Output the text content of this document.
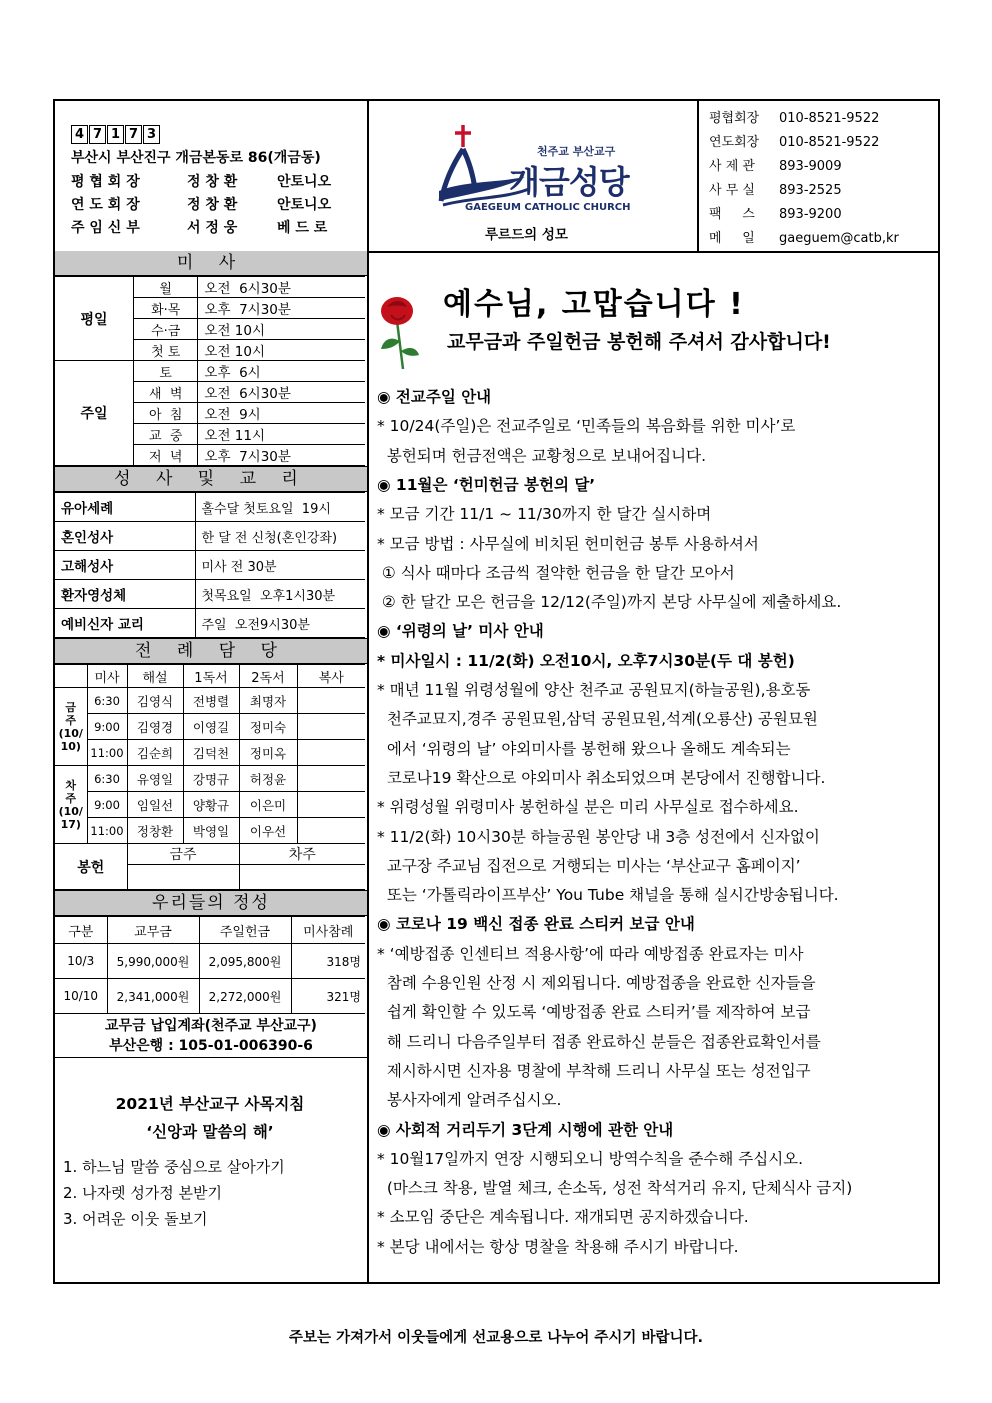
4 7 1 7 3
부산시 부산진구 개금본동로 86(개금동)
평 협 회 장	정 창 환	안토니오
연 도 회 장	정 창 환	안토니오
주 임 신 부	서 정 웅	베 드 로
천주교 부산교구
개금성당
GAEGEUM CATHOLIC CHURCH
루르드의 성모
평협회장 010-8521-9522
연도회장 010-8521-9522
사 제 관 893-9009
사 무 실 893-2525
팩     스 893-9200
메     일 gaeguem@catb,kr
미 사
평일	월	오전  6시30분
	화·목	오후  7시30분
	수·금	오전 10시
	첫 토	오전 10시
주일	토	오후  6시
	새  벽	오전  6시30분
	아  침	오전  9시
	교  중	오전 11시
	저  녁	오후  7시30분
성 사 및 교 리
유아세례	홀수달 첫토요일  19시
혼인성사	한 달 전 신청(혼인강좌)
고해성사	미사 전 30분
환자영성체	첫목요일  오후1시30분
예비신자 교리	주일  오전9시30분
전 례 담 당
	미사	해설	1독서	2독서	복사
금
주
(10/
10)	6:30	김영식	전병렬	최명자	
	9:00	김영경	이영길	정미숙	
	11:00	김순희	김덕천	정미옥	
차
주
(10/
17)	6:30	유영일	강명규	허정윤	
	9:00	임일선	양황규	이은미	
	11:00	정창환	박영일	이우선	
봉헌		금주		차주	

우리들의 정성
구분	교무금	주일헌금	미사참례
10/3	5,990,000원	2,095,800원	318명
10/10	2,341,000원	2,272,000원	321명
교무금 납입계좌(천주교 부산교구)
부산은행 : 105-01-006390-6
2021년 부산교구 사목지침
‘신앙과 말씀의 해’
1. 하느님 말씀 중심으로 살아가기
2. 나자렛 성가정 본받기
3. 어려운 이웃 돌보기
예수님, 고맙습니다 !
교무금과 주일헌금 봉헌해 주셔서 감사합니다!
◉ 전교주일 안내
* 10/24(주일)은 전교주일로 ‘민족들의 복음화를 위한 미사’로
봉헌되며 헌금전액은 교황청으로 보내어집니다.
◉ 11월은 ‘헌미헌금 봉헌의 달’
* 모금 기간 11/1 ~ 11/30까지 한 달간 실시하며
* 모금 방법 : 사무실에 비치된 헌미헌금 봉투 사용하셔서
① 식사 때마다 조금씩 절약한 헌금을 한 달간 모아서
② 한 달간 모은 헌금을 12/12(주일)까지 본당 사무실에 제출하세요.
◉ ‘위령의 날’ 미사 안내
* 미사일시 : 11/2(화) 오전10시, 오후7시30분(두 대 봉헌)
* 매년 11월 위령성월에 양산 천주교 공원묘지(하늘공원),용호동
천주교묘지,경주 공원묘원,삼덕 공원묘원,석계(오룡산) 공원묘원
에서 ‘위령의 날’ 야외미사를 봉헌해 왔으나 올해도 계속되는
코로나19 확산으로 야외미사 취소되었으며 본당에서 진행합니다.
* 위령성월 위령미사 봉헌하실 분은 미리 사무실로 접수하세요.
* 11/2(화) 10시30분 하늘공원 봉안당 내 3층 성전에서 신자없이
교구장 주교님 집전으로 거행되는 미사는 ‘부산교구 홈페이지’
또는 ‘가톨릭라이프부산’ You Tube 채널을 통해 실시간방송됩니다.
◉ 코로나 19 백신 접종 완료 스티커 보급 안내
* ‘예방접종 인센티브 적용사항’에 따라 예방접종 완료자는 미사
참례 수용인원 산정 시 제외됩니다. 예방접종을 완료한 신자들을
쉽게 확인할 수 있도록 ‘예방접종 완료 스티커’를 제작하여 보급
해 드리니 다음주일부터 접종 완료하신 분들은 접종완료확인서를
제시하시면 신자용 명찰에 부착해 드리니 사무실 또는 성전입구
봉사자에게 알려주십시오.
◉ 사회적 거리두기 3단계 시행에 관한 안내
* 10월17일까지 연장 시행되오니 방역수칙을 준수해 주십시오.
(마스크 착용, 발열 체크, 손소독, 성전 착석거리 유지, 단체식사 금지)
* 소모임 중단은 계속됩니다. 재개되면 공지하겠습니다.
* 본당 내에서는 항상 명찰을 착용해 주시기 바랍니다.
주보는 가져가서 이웃들에게 선교용으로 나누어 주시기 바랍니다.
